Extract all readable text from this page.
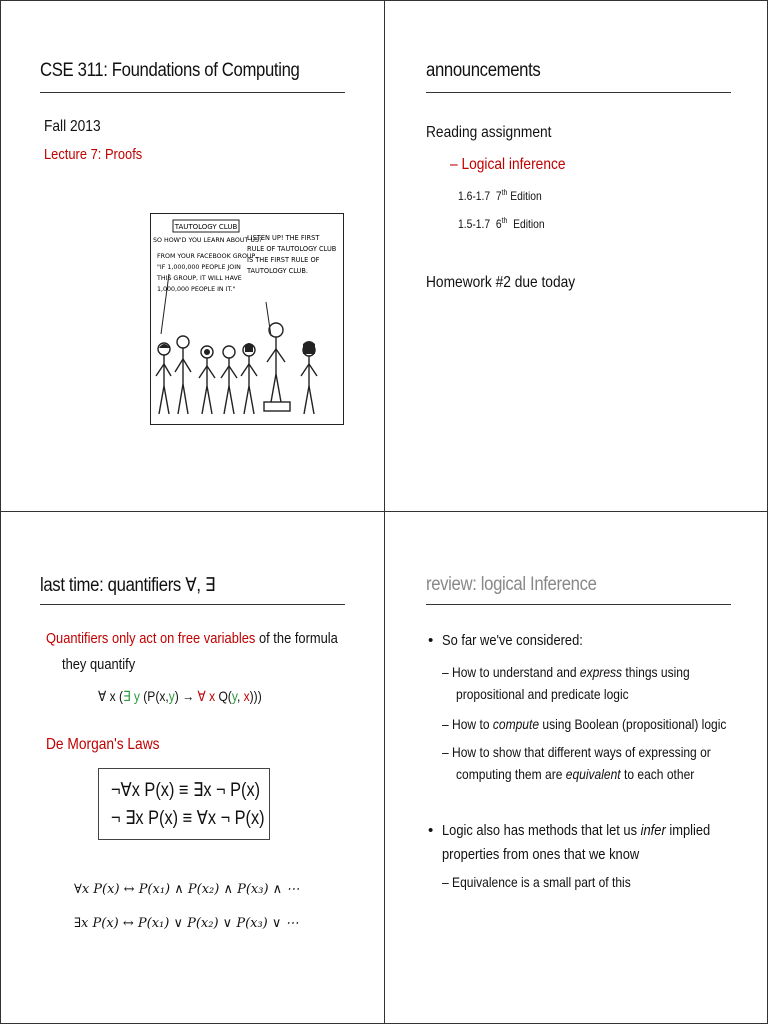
CSE 311: Foundations of Computing
Fall 2013
Lecture 7: Proofs
TAUTOLOGY CLUB
SO HOW'D YOU LEARN ABOUT US? FROM YOUR FACEBOOK GROUP, "IF 1,000,000 PEOPLE JOIN THIS GROUP, IT WILL HAVE 1,000,000 PEOPLE IN IT."
LISTEN UP! THE FIRST RULE OF TAUTOLOGY CLUB IS THE FIRST RULE OF TAUTOLOGY CLUB.
announcements
Reading assignment
– Logical inference
1.6-1.7 7th Edition
1.5-1.7 6th Edition
Homework #2 due today
last time: quantifiers ∀, ∃
Quantifiers only act on free variables of the formula
they quantify
∀ x (∃ y (P(x,y) → ∀ x Q(y, x)))
De Morgan's Laws
¬∀x P(x) ≡ ∃x ¬ P(x)
¬ ∃x P(x) ≡ ∀x ¬ P(x)
∀x P(x) ↔ P(x₁) ∧ P(x₂) ∧ P(x₃) ∧ ⋯
∃x P(x) ↔ P(x₁) ∨ P(x₂) ∨ P(x₃) ∨ ⋯
review: logical Inference
• So far we've considered:
– How to understand and express things using
propositional and predicate logic
– How to compute using Boolean (propositional) logic
– How to show that different ways of expressing or
computing them are equivalent to each other
• Logic also has methods that let us infer implied
properties from ones that we know
– Equivalence is a small part of this
